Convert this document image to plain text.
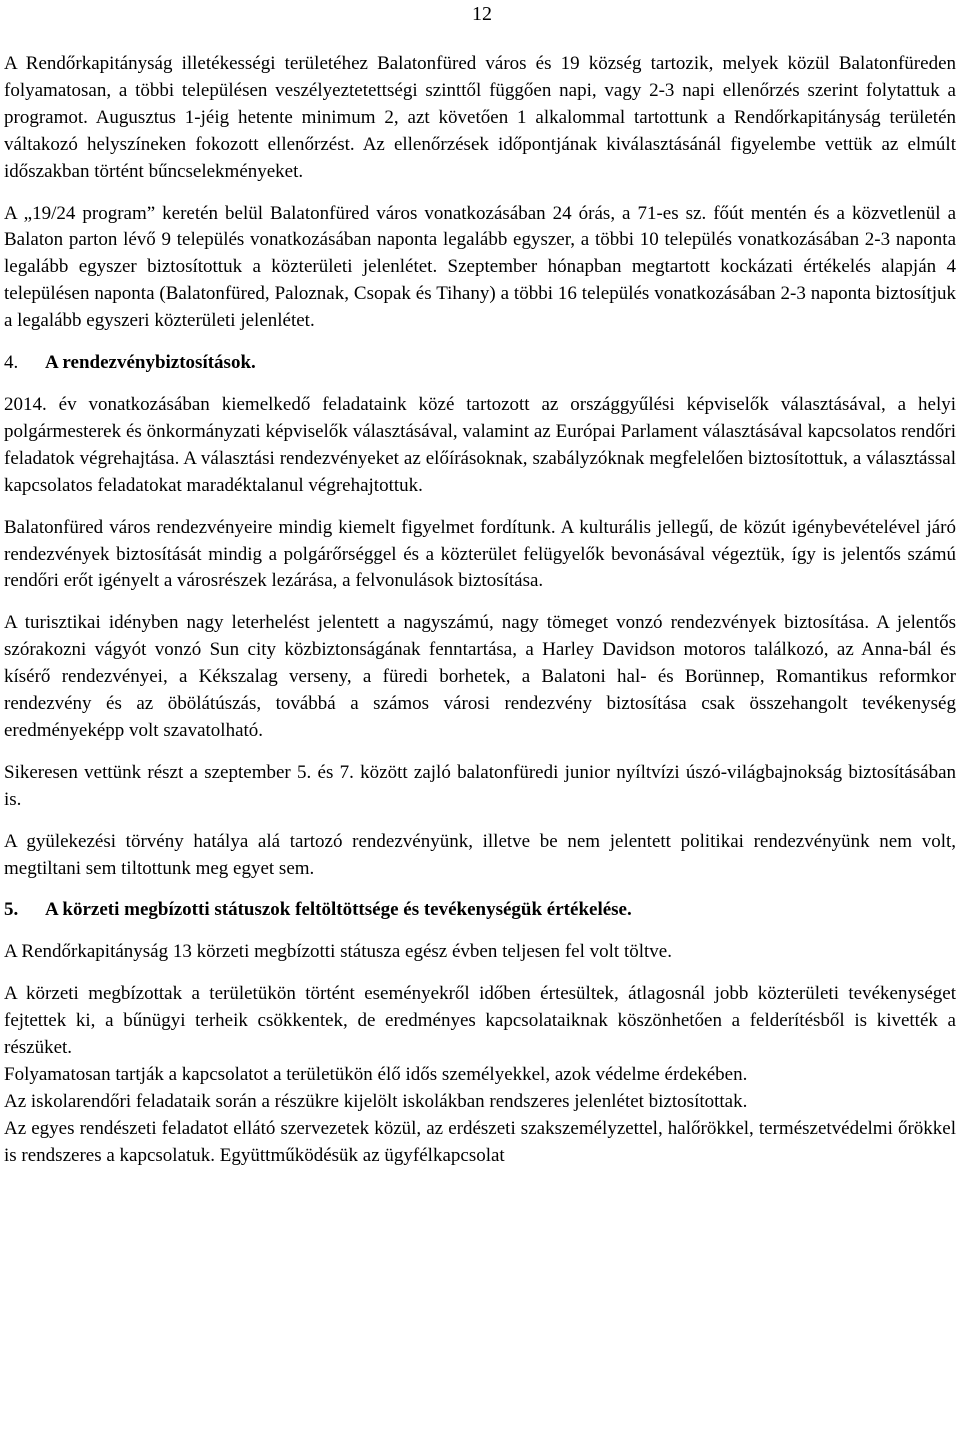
12

A Rendőrkapitányság illetékességi területéhez Balatonfüred város és 19 község tartozik, melyek közül Balatonfüreden folyamatosan, a többi településen veszélyeztetettségi szinttől függően napi, vagy 2-3 napi ellenőrzés szerint folytattuk a programot. Augusztus 1-jéig hetente minimum 2, azt követően 1 alkalommal tartottunk a Rendőrkapitányság területén váltakozó helyszíneken fokozott ellenőrzést. Az ellenőrzések időpontjának kiválasztásánál figyelembe vettük az elmúlt időszakban történt bűncselekményeket.

A „19/24 program” keretén belül Balatonfüred város vonatkozásában 24 órás, a 71-es sz. főút mentén és a közvetlenül a Balaton parton lévő 9 település vonatkozásában naponta legalább egyszer, a többi 10 település vonatkozásában 2-3 naponta legalább egyszer biztosítottuk a közterületi jelenlétet. Szeptember hónapban megtartott kockázati értékelés alapján 4 településen naponta (Balatonfüred, Paloznak, Csopak és Tihany) a többi 16 település vonatkozásában 2-3 naponta biztosítjuk a legalább egyszeri közterületi jelenlétet.

4.	A rendezvénybiztosítások.

2014. év vonatkozásában kiemelkedő feladataink közé tartozott az országgyűlési képviselők választásával, a helyi polgármesterek és önkormányzati képviselők választásával, valamint az Európai Parlament választásával kapcsolatos rendőri feladatok végrehajtása. A választási rendezvényeket az előírásoknak, szabályzóknak megfelelően biztosítottuk, a választással kapcsolatos feladatokat maradéktalanul végrehajtottuk.

Balatonfüred város rendezvényeire mindig kiemelt figyelmet fordítunk. A kulturális jellegű, de közút igénybevételével járó rendezvények biztosítását mindig a polgárőrséggel és a közterület felügyelők bevonásával végeztük, így is jelentős számú rendőri erőt igényelt a városrészek lezárása, a felvonulások biztosítása.

A turisztikai idényben nagy leterhelést jelentett a nagyszámú, nagy tömeget vonzó rendezvények biztosítása. A jelentős szórakozni vágyót vonzó Sun city közbiztonságának fenntartása, a Harley Davidson motoros találkozó, az Anna-bál és kísérő rendezvényei, a Kékszalag verseny, a füredi borhetek, a Balatoni hal- és Borünnep, Romantikus reformkor rendezvény és az öbölátúszás, továbbá a számos városi rendezvény biztosítása csak összehangolt tevékenység eredményeképp volt szavatolható.

Sikeresen vettünk részt a szeptember 5. és 7. között zajló balatonfüredi junior nyíltvízi úszó-világbajnokság biztosításában is.

A gyülekezési törvény hatálya alá tartozó rendezvényünk, illetve be nem jelentett politikai rendezvényünk nem volt, megtiltani sem tiltottunk meg egyet sem.

5.	A körzeti megbízotti státuszok feltöltöttsége és tevékenységük értékelése.

A Rendőrkapitányság 13 körzeti megbízotti státusza egész évben teljesen fel volt töltve.

A körzeti megbízottak a területükön történt eseményekről időben értesültek, átlagosnál jobb közterületi tevékenységet fejtettek ki, a bűnügyi terheik csökkentek, de eredményes kapcsolataiknak köszönhetően a felderítésből is kivették a részüket.

Folyamatosan tartják a kapcsolatot a területükön élő idős személyekkel, azok védelme érdekében.

Az iskolarendőri feladataik során a részükre kijelölt iskolákban rendszeres jelenlétet biztosítottak.

Az egyes rendészeti feladatot ellátó szervezetek közül, az erdészeti szakszemélyzettel, halőrökkel, természetvédelmi őrökkel is rendszeres a kapcsolatuk. Együttműködésük az ügyfélkapcsolat
